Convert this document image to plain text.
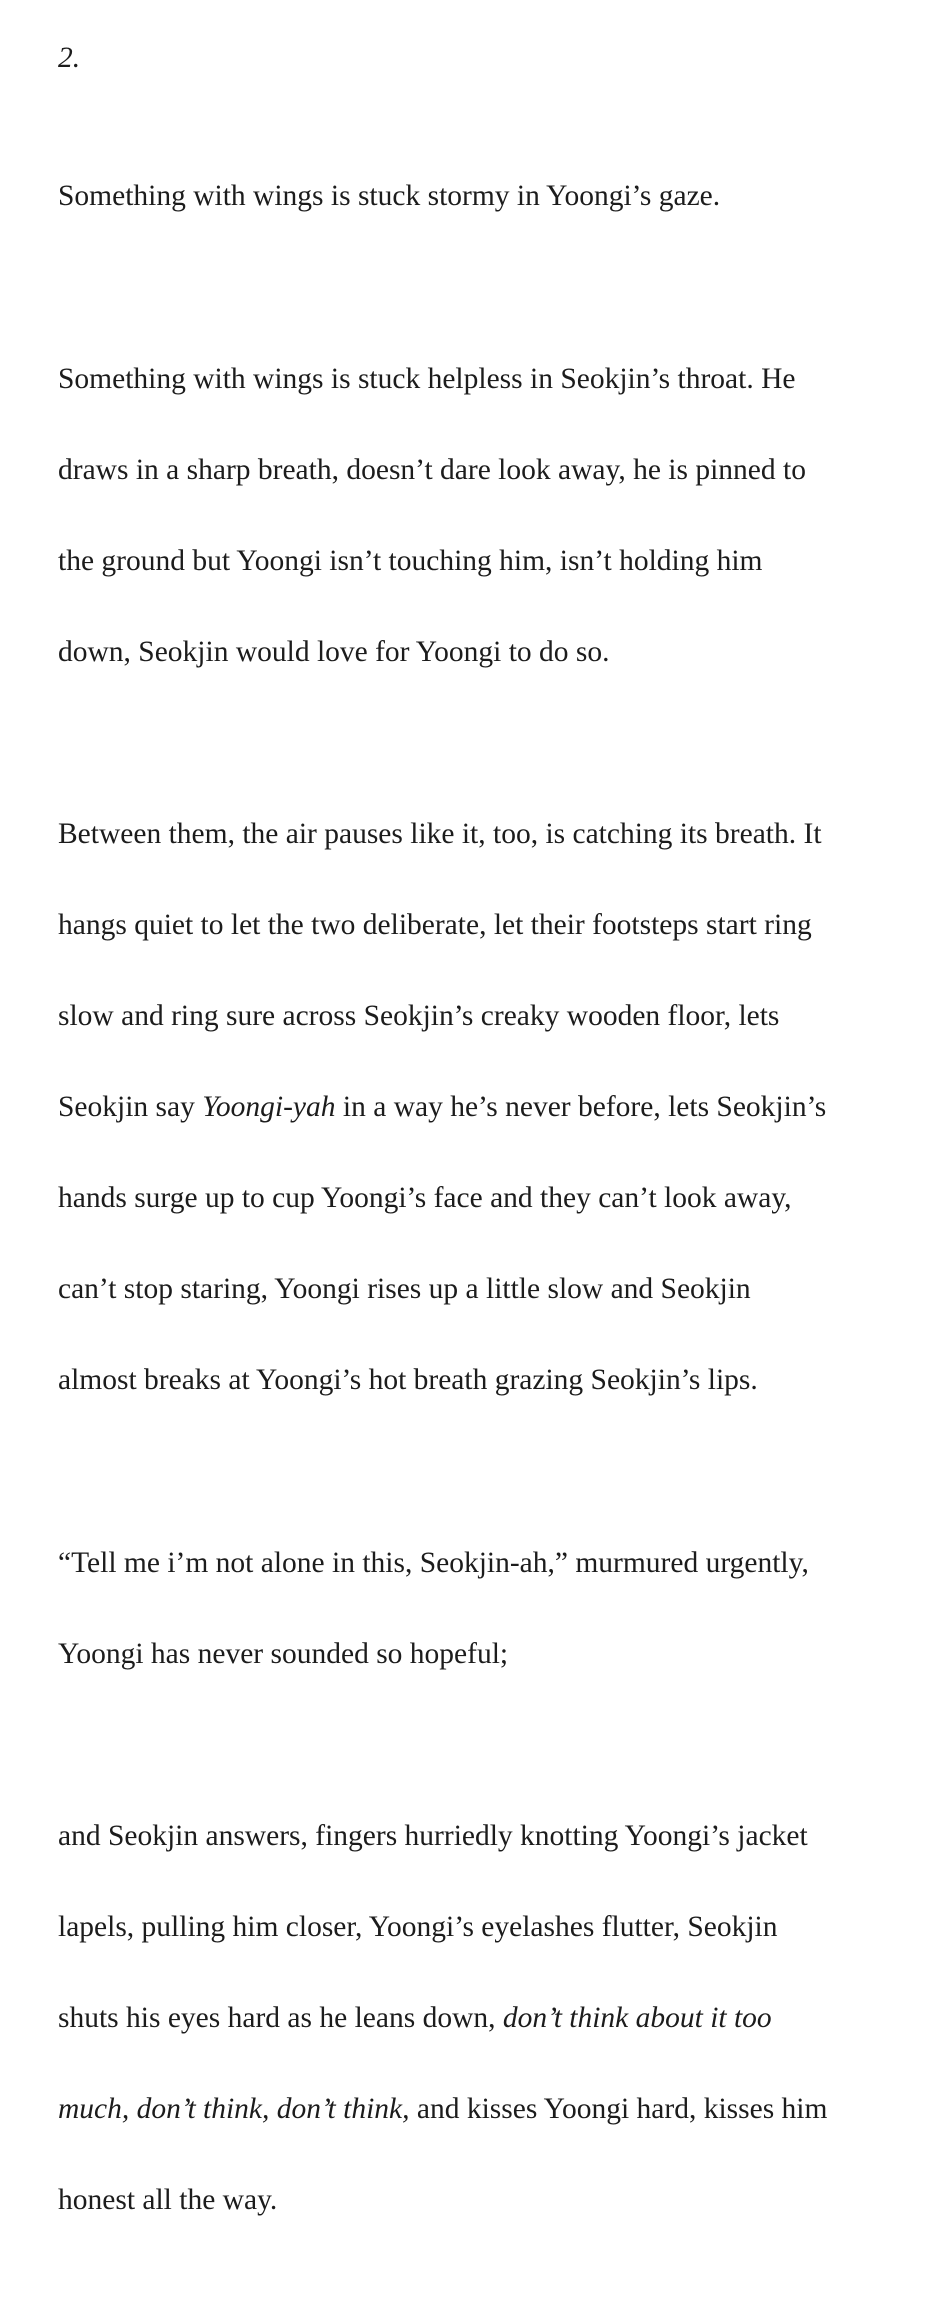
2.

Something with wings is stuck stormy in Yoongi’s gaze.

Something with wings is stuck helpless in Seokjin’s throat. He

draws in a sharp breath, doesn’t dare look away, he is pinned to

the ground but Yoongi isn’t touching him, isn’t holding him

down, Seokjin would love for Yoongi to do so.

Between them, the air pauses like it, too, is catching its breath. It

hangs quiet to let the two deliberate, let their footsteps start ring

slow and ring sure across Seokjin’s creaky wooden floor, lets

Seokjin say Yoongi-yah in a way he’s never before, lets Seokjin’s

hands surge up to cup Yoongi’s face and they can’t look away,

can’t stop staring, Yoongi rises up a little slow and Seokjin

almost breaks at Yoongi’s hot breath grazing Seokjin’s lips.

“Tell me i’m not alone in this, Seokjin-ah,” murmured urgently,

Yoongi has never sounded so hopeful;

and Seokjin answers, fingers hurriedly knotting Yoongi’s jacket

lapels, pulling him closer, Yoongi’s eyelashes flutter, Seokjin

shuts his eyes hard as he leans down, don’t think about it too

much, don’t think, don’t think, and kisses Yoongi hard, kisses him

honest all the way.
